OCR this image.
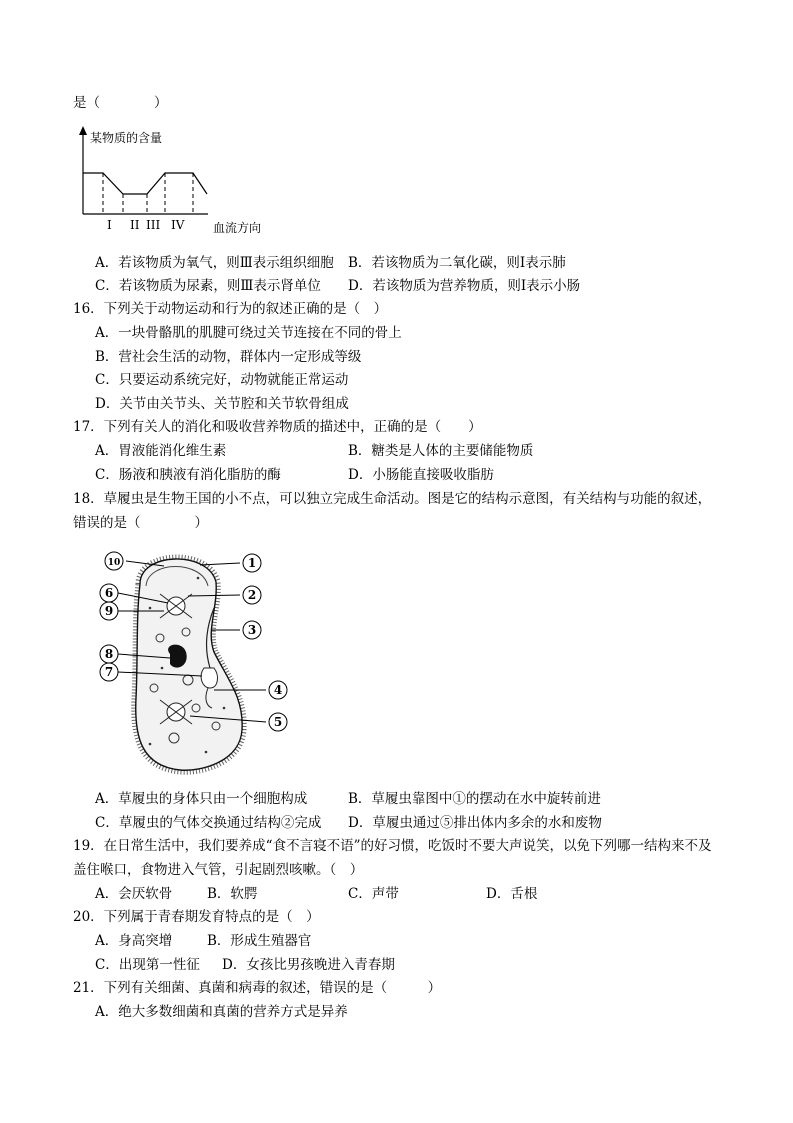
是（　　　　）
某物质的含量
I II III IV 血流方向
A．若该物质为氧气，则Ⅲ表示组织细胞 B．若该物质为二氧化碳，则Ⅰ表示肺
C．若该物质为尿素，则Ⅲ表示肾单位 D．若该物质为营养物质，则Ⅰ表示小肠
16．下列关于动物运动和行为的叙述正确的是（　）
A．一块骨骼肌的肌腱可绕过关节连接在不同的骨上
B．营社会生活的动物，群体内一定形成等级
C．只要运动系统完好，动物就能正常运动
D．关节由关节头、关节腔和关节软骨组成
17．下列有关人的消化和吸收营养物质的描述中，正确的是（　　）
A．胃液能消化维生素	B．糖类是人体的主要储能物质
C．肠液和胰液有消化脂肪的酶	D．小肠能直接吸收脂肪
18．草履虫是生物王国的小不点，可以独立完成生命活动。图是它的结构示意图，有关结构与功能的叙述，
错误的是（　　　　）
10	1
6	2
9
3
8
7
4
5
A．草履虫的身体只由一个细胞构成	B．草履虫靠图中①的摆动在水中旋转前进
C．草履虫的气体交换通过结构②完成 D．草履虫通过⑤排出体内多余的水和废物
19．在日常生活中，我们要养成“食不言寝不语”的好习惯，吃饭时不要大声说笑，以免下列哪一结构来不及
盖住喉口，食物进入气管，引起剧烈咳嗽。（　）
A．会厌软骨	B．软腭	C．声带	D．舌根
20．下列属于青春期发育特点的是（　）
A．身高突增	B．形成生殖器官
C．出现第一性征 D．女孩比男孩晚进入青春期
21．下列有关细菌、真菌和病毒的叙述，错误的是（　　　）
A．绝大多数细菌和真菌的营养方式是异养
